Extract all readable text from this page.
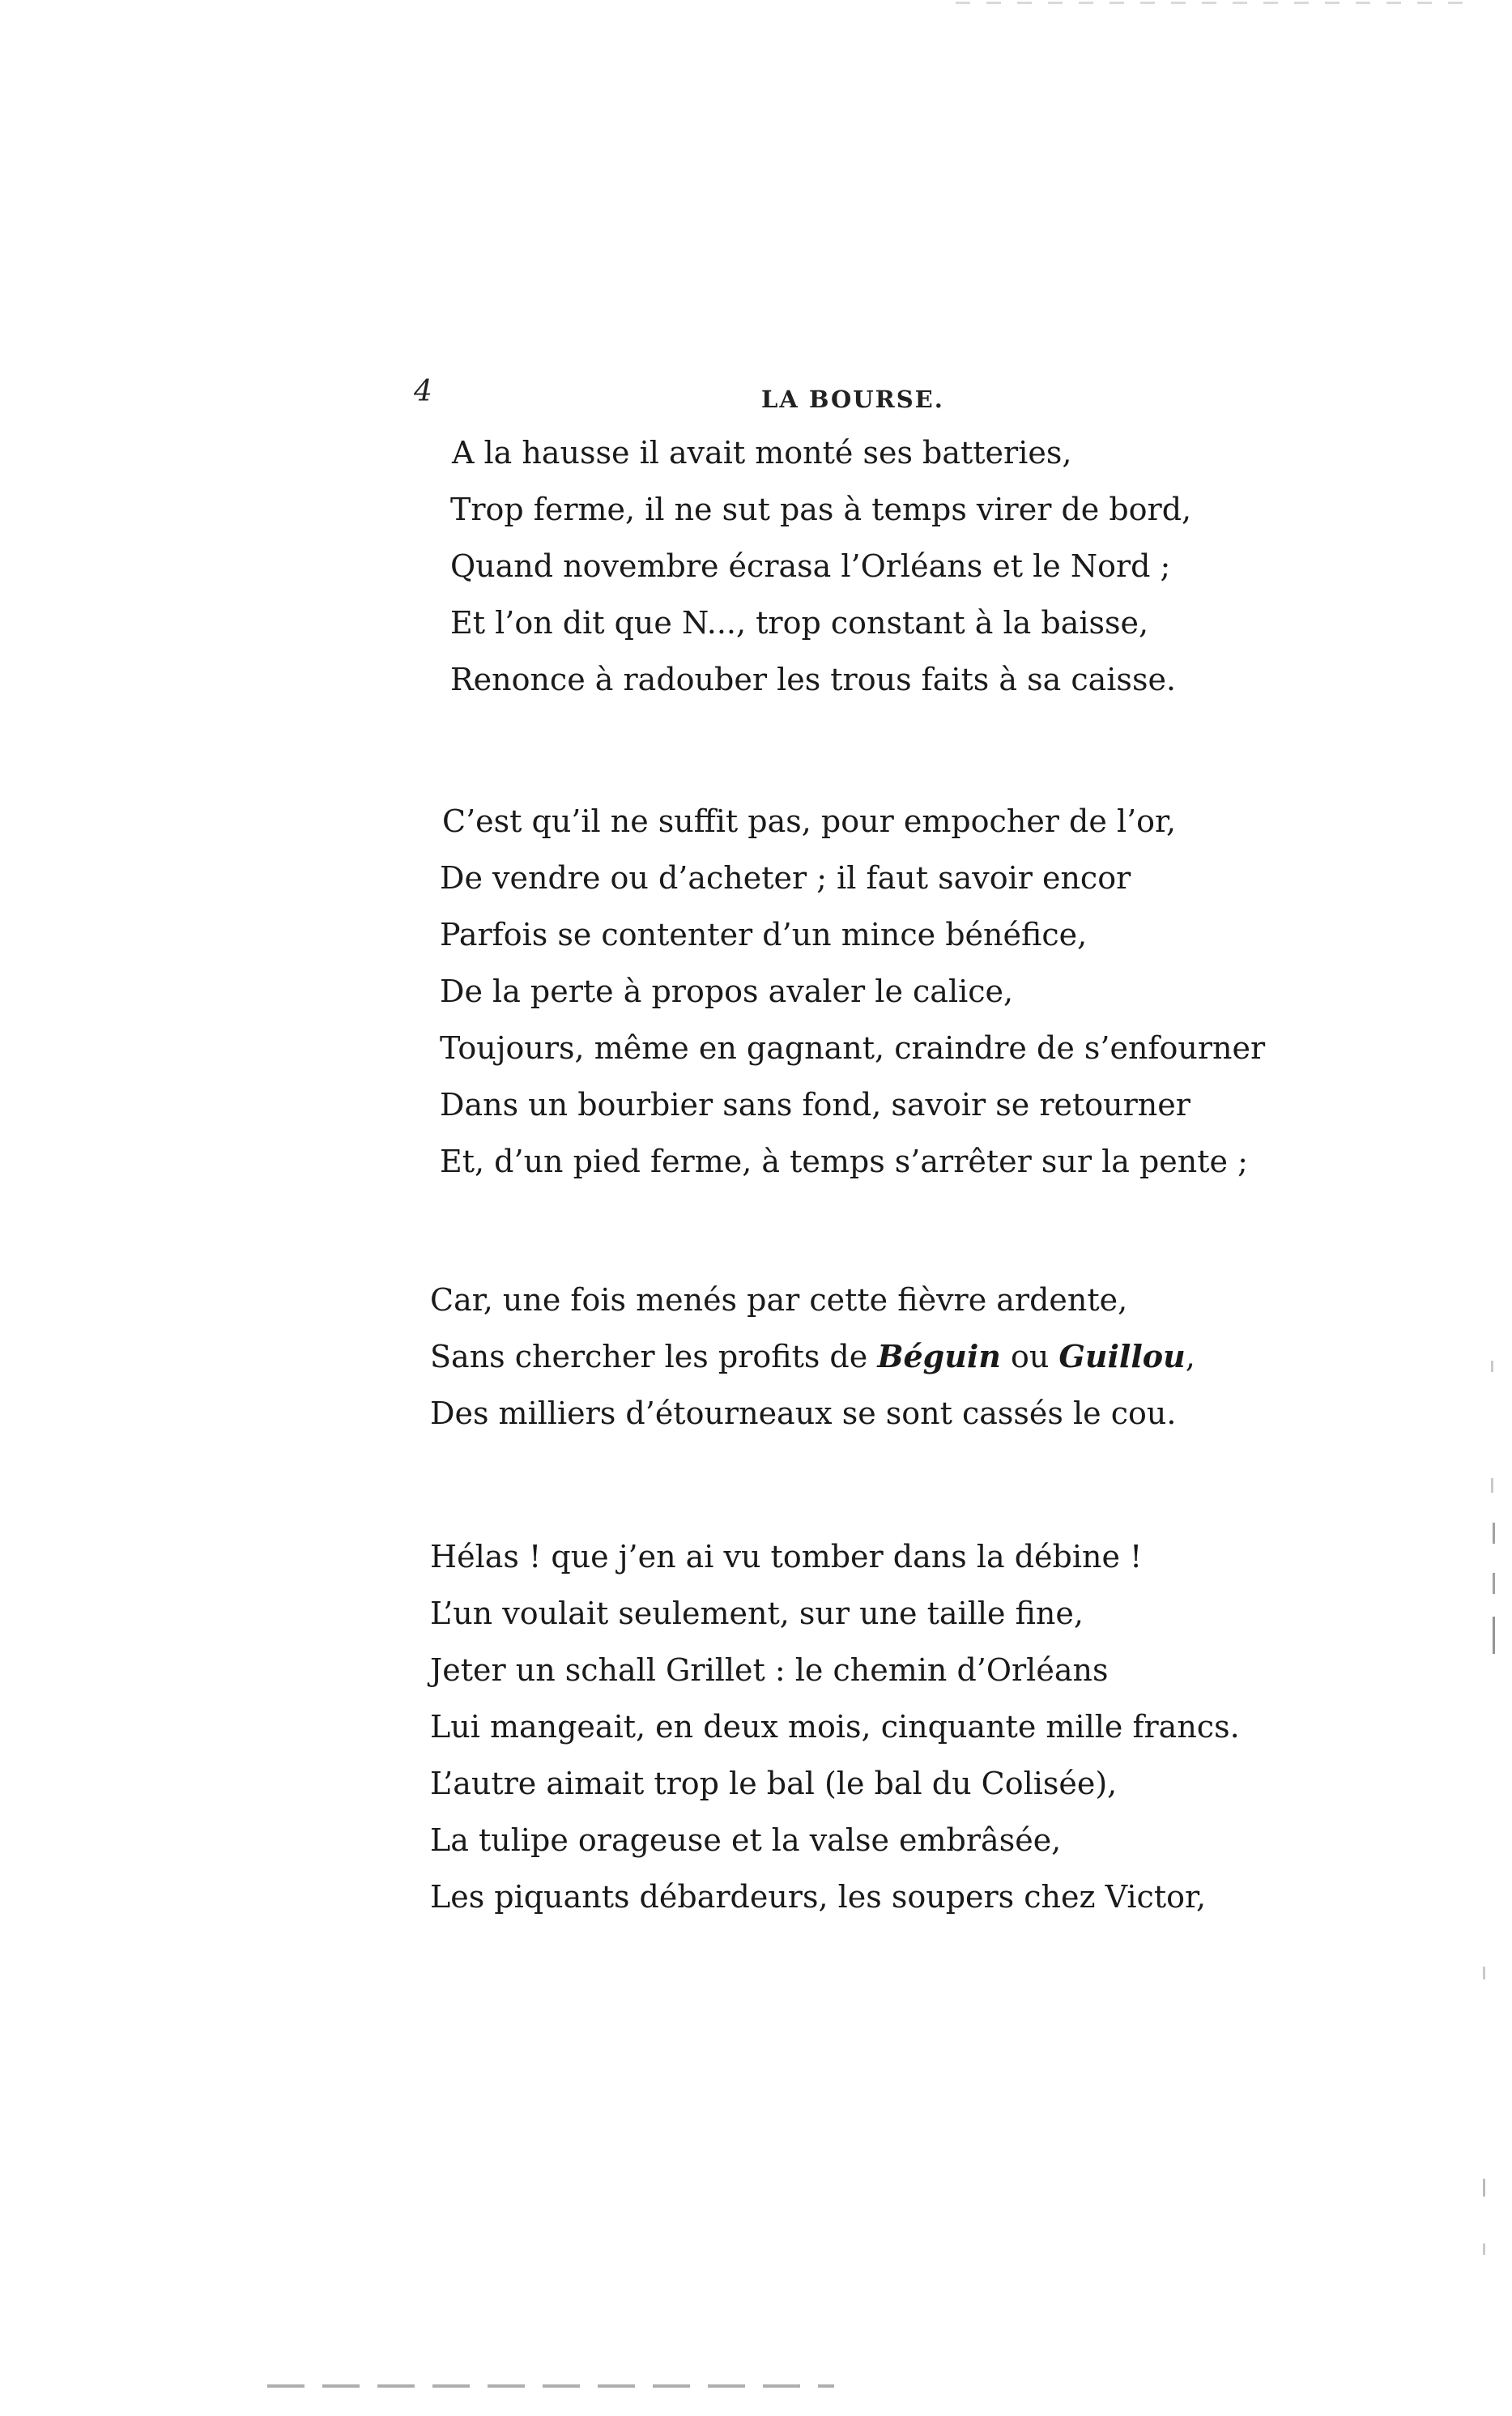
4	LA BOURSE.
A la hausse il avait monté ses batteries,
Trop ferme, il ne sut pas à temps virer de bord,
Quand novembre écrasa l’Orléans et le Nord ;
Et l’on dit que N..., trop constant à la baisse,
Renonce à radouber les trous faits à sa caisse.
C’est qu’il ne suffit pas, pour empocher de l’or,
De vendre ou d’acheter ; il faut savoir encor
Parfois se contenter d’un mince bénéfice,
De la perte à propos avaler le calice,
Toujours, même en gagnant, craindre de s’enfourner
Dans un bourbier sans fond, savoir se retourner
Et, d’un pied ferme, à temps s’arrêter sur la pente ;
Car, une fois menés par cette fièvre ardente,
Sans chercher les profits de Béguin ou Guillou,
Des milliers d’étourneaux se sont cassés le cou.
Hélas ! que j’en ai vu tomber dans la débine !
L’un voulait seulement, sur une taille fine,
Jeter un schall Grillet : le chemin d’Orléans
Lui mangeait, en deux mois, cinquante mille francs.
L’autre aimait trop le bal (le bal du Colisée),
La tulipe orageuse et la valse embrâsée,
Les piquants débardeurs, les soupers chez Victor,
